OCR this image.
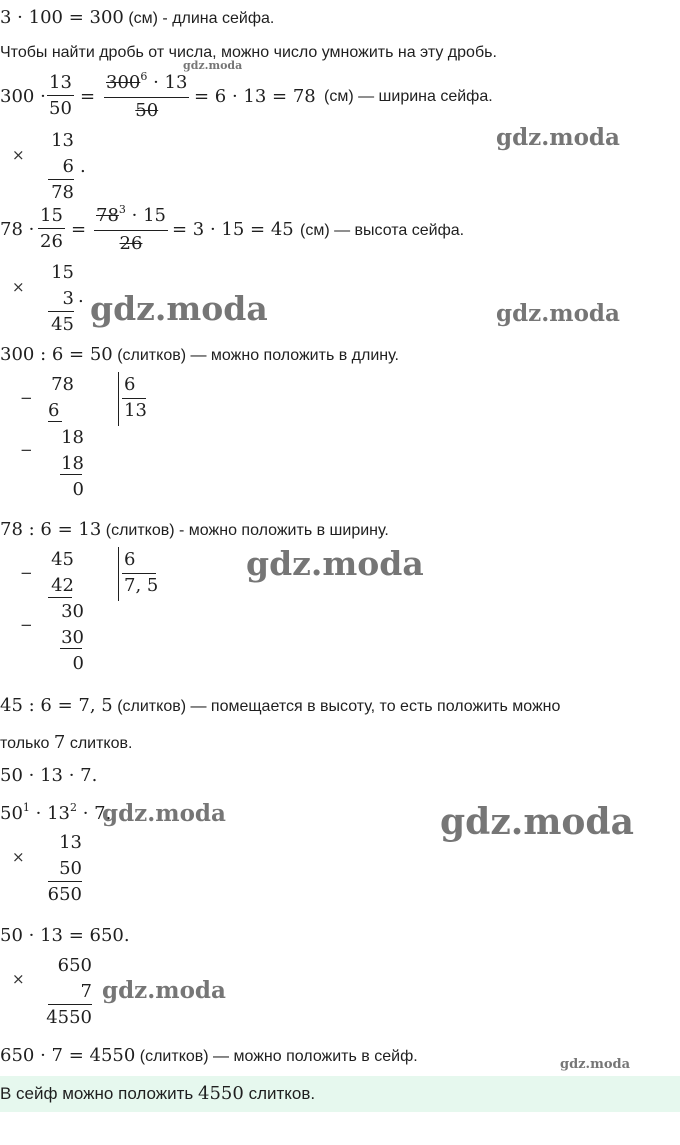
3 · 100 = 300 (см) - длина сейфа.
Чтобы найти дробь от числа, можно число умножить на эту дробь.
$300 \cdot \frac{13}{50} = \frac{300^6 \cdot 13}{50} = 6 \cdot 13 = 78$ (см) — ширина сейфа.
×
13
6
78
.
$78 \cdot \frac{15}{26} = \frac{78^3 \cdot 15}{26} = 3 \cdot 15 = 45$ (см) — высота сейфа.
×
15
3
45
.
300 : 6 = 50 (слитков) — можно положить в длину.
−
78
6
−
18
18
0
6
13
78 : 6 = 13 (слитков) - можно положить в ширину.
−
45
42
−
30
30
0
6
7, 5
45 : 6 = 7, 5 (слитков) — помещается в высоту, то есть положить можно
только 7 слитков.
50 · 13 · 7.
$50^1 \cdot 13^2 \cdot 7$.
×
13
50
650
50 · 13 = 650.
×
650
7
4550
650 · 7 = 4550 (слитков) — можно положить в сейф.
В сейф можно положить 4550 слитков.
gdz.moda
gdz.moda
gdz.moda	gdz.moda
gdz.moda
gdz.moda	gdz.moda
gdz.moda
gdz.moda
